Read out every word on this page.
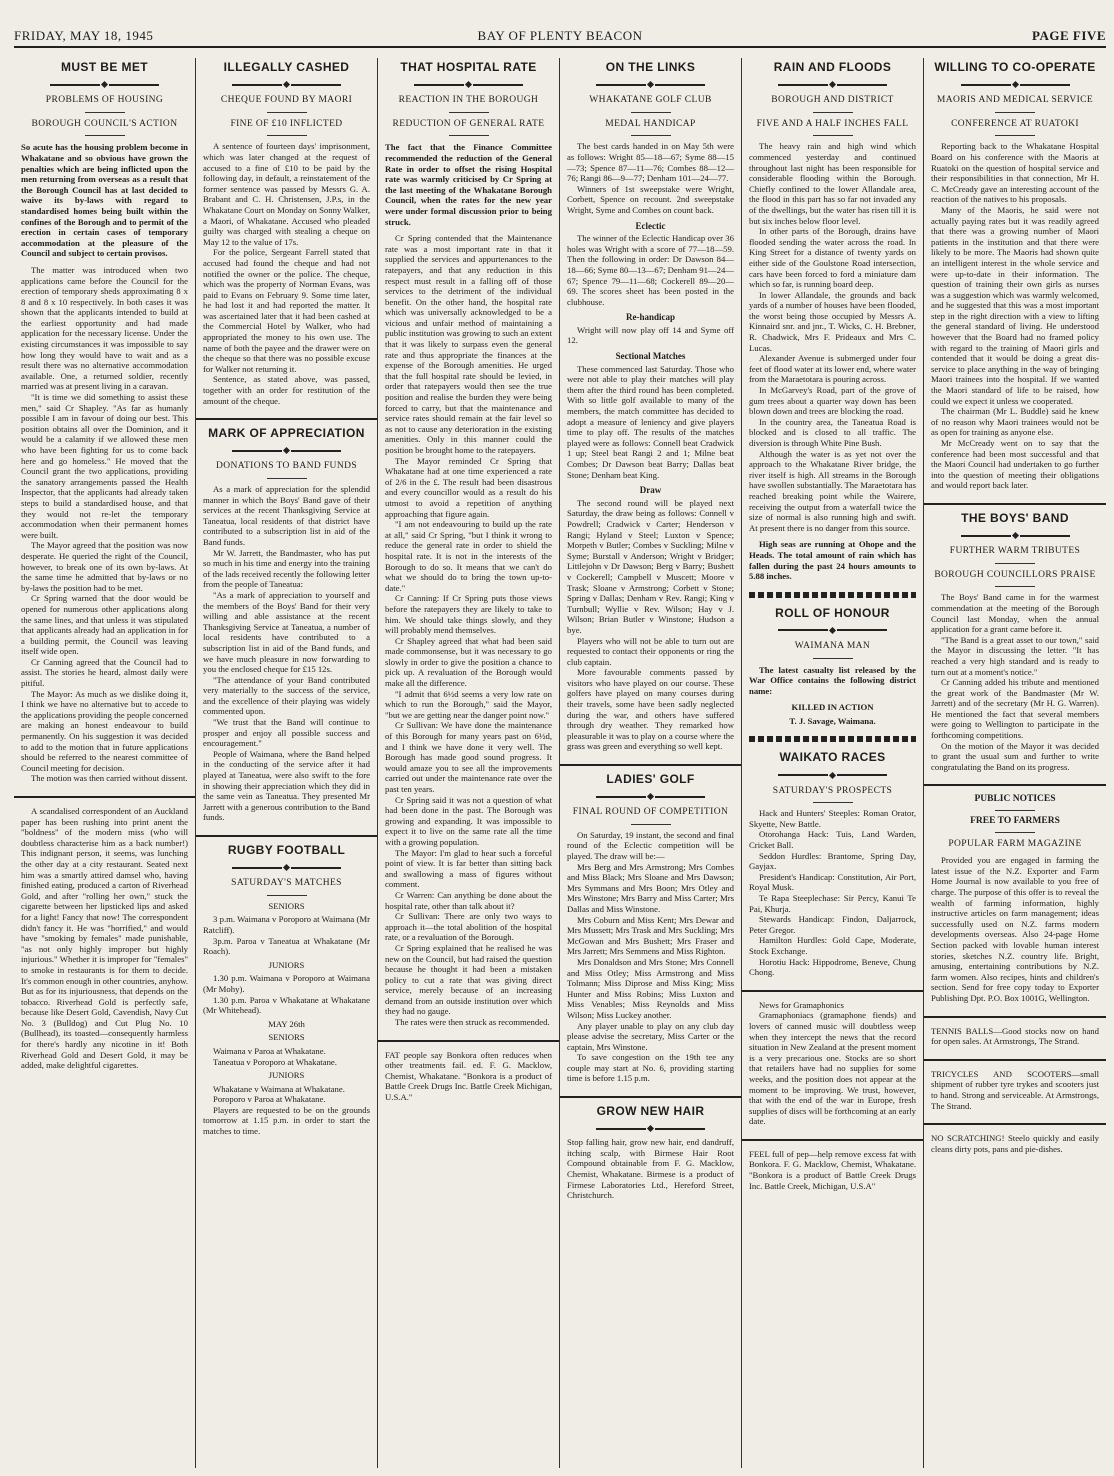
FRIDAY, MAY 18, 1945	BAY OF PLENTY BEACON	PAGE FIVE
MUST BE MET
PROBLEMS OF HOUSING
BOROUGH COUNCIL'S ACTION
So acute has the housing problem become in Whakatane and so obvious have grown the penalties which are being inflicted upon the men returning from overseas as a result that the Borough Council has at last decided to waive its by-laws with regard to standardised homes being built within the confines of the Borough and to permit of the erection in certain cases of temporary accommodation at the pleasure of the Council and subject to certain provisos.

The matter was introduced when two applications came before the Council for the erection of temporary sheds approximating 8 x 8 and 8 x 10 respectively. In both cases it was shown that the applicants intended to build at the earliest opportunity and had made application for the necessary license. Under the existing circumstances it was impossible to say how long they would have to wait and as a result there was no alternative accommodation available. One, a returned soldier, recently married was at present living in a caravan.

"It is time we did something to assist these men," said Cr Shapley. "As far as humanly possible I am in favour of doing our best. This position obtains all over the Dominion, and it would be a calamity if we allowed these men who have been fighting for us to come back here and go homeless." He moved that the Council grant the two applications, providing the sanatory arrangements passed the Health Inspector, that the applicants had already taken steps to build a standardised house, and that they would not re-let the temporary accommodation when their permanent homes were built.

The Mayor agreed that the position was now desperate. He queried the right of the Council, however, to break one of its own by-laws. At the same time he admitted that by-laws or no by-laws the position had to be met.

Cr Spring warned that the door would be opened for numerous other applications along the same lines, and that unless it was stipulated that applicants already had an application in for a building permit, the Council was leaving itself wide open.

Cr Canning agreed that the Council had to assist. The stories he heard, almost daily were pitiful.

The Mayor: As much as we dislike doing it, I think we have no alternative but to accede to the applications providing the people concerned are making an honest endeavour to build permanently. On his suggestion it was decided to add to the motion that in future applications should be referred to the nearest committee of Council meeting for decision.

The motion was then carried without dissent.

A scandalised correspondent of an Auckland paper has been rushing into print anent the "boldness" of the modern miss (who will doubtless characterise him as a back number!) This indignant person, it seems, was lunching the other day at a city restaurant. Seated next him was a smartly attired damsel who, having finished eating, produced a carton of Riverhead Gold, and after "rolling her own," stuck the cigarette between her lipsticked lips and asked for a light! Fancy that now! The correspondent didn't fancy it. He was "horrified," and would have "smoking by females" made punishable, "as not only highly improper but highly injurious." Whether it is improper for "females" to smoke in restaurants is for them to decide. It's common enough in other countries, anyhow. But as for its injuriousness, that depends on the tobacco. Riverhead Gold is perfectly safe, because like Desert Gold, Cavendish, Navy Cut No. 3 (Bulldog) and Cut Plug No. 10 (Bullhead), its toasted—consequently harmless for there's hardly any nicotine in it! Both Riverhead Gold and Desert Gold, it may be added, make delightful cigarettes.

ILLEGALLY CASHED
CHEQUE FOUND BY MAORI
FINE OF £10 INFLICTED

A sentence of fourteen days' imprisonment, which was later changed at the request of accused to a fine of £10 to be paid by the following day, in default, a reinstatement of the former sentence was passed by Messrs G. A. Brabant and C. H. Christensen, J.P.s, in the Whakatane Court on Monday on Sonny Walker, a Maori, of Whakatane. Accused who pleaded guilty was charged with stealing a cheque on May 12 to the value of 17s.

For the police, Sergeant Farrell stated that accused had found the cheque and had not notified the owner or the police. The cheque, which was the property of Norman Evans, was paid to Evans on February 9. Some time later, he had lost it and had reported the matter. It was ascertained later that it had been cashed at the Commercial Hotel by Walker, who had appropriated the money to his own use. The name of both the payee and the drawer were on the cheque so that there was no possible excuse for Walker not returning it.

Sentence, as stated above, was passed, together with an order for restitution of the amount of the cheque.

MARK OF APPRECIATION
DONATIONS TO BAND FUNDS

As a mark of appreciation for the splendid manner in which the Boys' Band gave of their services at the recent Thanksgiving Service at Taneatua, local residents of that district have contributed to a subscription list in aid of the Band funds.

Mr W. Jarrett, the Bandmaster, who has put so much in his time and energy into the training of the lads received recently the following letter from the people of Taneatua:

"As a mark of appreciation to yourself and the members of the Boys' Band for their very willing and able assistance at the recent Thanksgiving Service at Taneatua, a number of local residents have contributed to a subscription list in aid of the Band funds, and we have much pleasure in now forwarding to you the enclosed cheque for £15 12s.

"The attendance of your Band contributed very materially to the success of the service, and the excellence of their playing was widely commented upon.

"We trust that the Band will continue to prosper and enjoy all possible success and encouragement."

People of Waimana, where the Band helped in the conducting of the service after it had played at Taneatua, were also swift to the fore in showing their appreciation which they did in the same vein as Taneatua. They presented Mr Jarrett with a generous contribution to the Band funds.

RUGBY FOOTBALL
SATURDAY'S MATCHES
SENIORS

3 p.m. Waimana v Poroporo at Waimana (Mr Ratcliff).

3p.m. Paroa v Taneatua at Whakatane (Mr Roach).

JUNIORS

1.30 p.m. Waimana v Poroporo at Waimana (Mr Mohy).

1.30 p.m. Paroa v Whakatane at Whakatane (Mr Whitehead).

MAY 26th
SENIORS

Waimana v Paroa at Whakatane.

Taneatua v Poroporo at Whakatane.

JUNIORS

Whakatane v Waimana at Whakatane.

Poroporo v Paroa at Whakatane.

Players are requested to be on the grounds tomorrow at 1.15 p.m. in order to start the matches to time.

THAT HOSPITAL RATE
REACTION IN THE BOROUGH
REDUCTION OF GENERAL RATE
The fact that the Finance Committee recommended the reduction of the General Rate in order to offset the rising Hospital rate was warmly criticised by Cr Spring at the last meeting of the Whakatane Borough Council, when the rates for the new year were under formal discussion prior to being struck.

Cr Spring contended that the Maintenance rate was a most important rate in that it supplied the services and appurtenances to the ratepayers, and that any reduction in this respect must result in a falling off of those services to the detriment of the individual benefit. On the other hand, the hospital rate which was universally acknowledged to be a vicious and unfair method of maintaining a public institution was growing to such an extent that it was likely to surpass even the general rate and thus appropriate the finances at the expense of the Borough amenities. He urged that the full hospital rate should be levied, in order that ratepayers would then see the true position and realise the burden they were being forced to carry, but that the maintenance and service rates should remain at the fair level so as not to cause any deterioration in the existing amenities. Only in this manner could the position be brought home to the ratepayers.

The Mayor reminded Cr Spring that Whakatane had at one time experienced a rate of 2/6 in the £. The result had been disastrous and every councillor would as a result do his utmost to avoid a repetition of anything approaching that figure again.

"I am not endeavouring to build up the rate at all," said Cr Spring, "but I think it wrong to reduce the general rate in order to shield the hospital rate. It is not in the interests of the Borough to do so. It means that we can't do what we should do to bring the town up-to-date."

Cr Canning: If Cr Spring puts those views before the ratepayers they are likely to take to him. We should take things slowly, and they will probably mend themselves.

Cr Shapley agreed that what had been said made commonsense, but it was necessary to go slowly in order to give the position a chance to pick up. A revaluation of the Borough would make all the difference.

"I admit that 6½d seems a very low rate on which to run the Borough," said the Mayor, "but we are getting near the danger point now."

Cr Sullivan: We have done the maintenance of this Borough for many years past on 6½d, and I think we have done it very well. The Borough has made good sound progress. It would amaze you to see all the improvements carried out under the maintenance rate over the past ten years.

Cr Spring said it was not a question of what had been done in the past. The Borough was growing and expanding. It was impossible to expect it to live on the same rate all the time with a growing population.

The Mayor: I'm glad to hear such a forceful point of view. It is far better than sitting back and swallowing a mass of figures without comment.

Cr Warren: Can anything be done about the hospital rate, other than talk about it?

Cr Sullivan: There are only two ways to approach it—the total abolition of the hospital rate, or a revaluation of the Borough.

Cr Spring explained that he realised he was new on the Council, but had raised the question because he thought it had been a mistaken policy to cut a rate that was giving direct service, merely because of an increasing demand from an outside institution over which they had no gauge.

The rates were then struck as recommended.

FAT people say Bonkora often reduces when other treatments fail. ed. F. G. Macklow, Chemist, Whakatane. "Bonkora is a product of Battle Creek Drugs Inc. Battle Creek Michigan, U.S.A."
ON THE LINKS
WHAKATANE GOLF CLUB
MEDAL HANDICAP

The best cards handed in on May 5th were as follows: Wright 85—18—67; Syme 88—15—73; Spence 87—11—76; Combes 88—12—76; Rangi 86—9—77; Denham 101—24—77.

Winners of 1st sweepstake were Wright, Corbett, Spence on recount. 2nd sweepstake Wright, Syme and Combes on count back.

Eclectic

The winner of the Eclectic Handicap over 36 holes was Wright with a score of 77—18—59. Then the following in order: Dr Dawson 84—18—66; Syme 80—13—67; Denham 91—24—67; Spence 79—11—68; Cockerell 89—20—69. The scores sheet has been posted in the clubhouse.

Re-handicap

Wright will now play off 14 and Syme off 12.

Sectional Matches

These commenced last Saturday. Those who were not able to play their matches will play them after the third round has been completed. With so little golf available to many of the members, the match committee has decided to adopt a measure of leniency and give players time to play off. The results of the matches played were as follows: Connell beat Cradwick 1 up; Steel beat Rangi 2 and 1; Milne beat Combes; Dr Dawson beat Barry; Dallas beat Stone; Denham beat King.

Draw

The second round will be played next Saturday, the draw being as follows: Connell v Powdrell; Cradwick v Carter; Henderson v Rangi; Hyland v Steel; Luxton v Spence; Morpeth v Butler; Combes v Suckling; Milne v Syme; Burstall v Anderson; Wright v Bridger; Littlejohn v Dr Dawson; Berg v Barry; Bushett v Cockerell; Campbell v Muscett; Moore v Trask; Sloane v Armstrong; Corbett v Stone; Spring v Dallas; Denham v Rev. Rangi; King v Turnbull; Wyllie v Rev. Wilson; Hay v J. Wilson; Brian Butler v Winstone; Hudson a bye.

Players who will not be able to turn out are requested to contact their opponents or ring the club captain.

More favourable comments passed by visitors who have played on our course. These golfers have played on many courses during their travels, some have been sadly neglected during the war, and others have suffered through dry weather. They remarked how pleasurable it was to play on a course where the grass was green and everything so well kept.

LADIES' GOLF
FINAL ROUND OF COMPETITION

On Saturday, 19 instant, the second and final round of the Eclectic competition will be played. The draw will be:—

Mrs Berg and Mrs Armstrong; Mrs Combes and Miss Black; Mrs Sloane and Mrs Dawson; Mrs Symmans and Mrs Boon; Mrs Otley and Mrs Winstone; Mrs Barry and Miss Carter; Mrs Dallas and Miss Winstone.

Mrs Coburn and Miss Kent; Mrs Dewar and Mrs Mussett; Mrs Trask and Mrs Suckling; Mrs McGowan and Mrs Bushett; Mrs Fraser and Mrs Jarrett; Mrs Semmens and Miss Righton.

Mrs Donaldson and Mrs Stone; Mrs Connell and Miss Otley; Miss Armstrong and Miss Tolmann; Miss Diprose and Miss King; Miss Hunter and Miss Robins; Miss Luxton and Miss Venables; Miss Reynolds and Miss Wilson; Miss Luckey another.

Any player unable to play on any club day please advise the secretary, Miss Carter or the captain, Mrs Winstone.

To save congestion on the 19th tee any couple may start at No. 6, providing starting time is before 1.15 p.m.

GROW NEW HAIR
Stop falling hair, grow new hair, end dandruff, itching scalp, with Birmese Hair Root Compound obtainable from F. G. Macklow, Chemist, Whakatane. Birmese is a product of Firmese Laboratories Ltd., Hereford Street, Christchurch.
RAIN AND FLOODS
BOROUGH AND DISTRICT
FIVE AND A HALF INCHES FALL

The heavy rain and high wind which commenced yesterday and continued throughout last night has been responsible for considerable flooding within the Borough. Chiefly confined to the lower Allandale area, the flood in this part has so far not invaded any of the dwellings, but the water has risen till it is but six inches below floor level.

In other parts of the Borough, drains have flooded sending the water across the road. In King Street for a distance of twenty yards on either side of the Goulstone Road intersection, cars have been forced to ford a miniature dam which so far, is running board deep.

In lower Allandale, the grounds and back yards of a number of houses have been flooded, the worst being those occupied by Messrs A. Kinnaird snr. and jnr., T. Wicks, C. H. Brebner, R. Chadwick, Mrs F. Prideaux and Mrs C. Lucas.

Alexander Avenue is submerged under four feet of flood water at its lower end, where water from the Maraetotara is pouring across.

In McGarvey's Road, part of the grove of gum trees about a quarter way down has been blown down and trees are blocking the road.

In the country area, the Taneatua Road is blocked and is closed to all traffic. The diversion is through White Pine Bush.

Although the water is as yet not over the approach to the Whakatane River bridge, the river itself is high. All streams in the Borough have swollen substantially. The Maraetotara has reached breaking point while the Wairere, receiving the output from a waterfall twice the size of normal is also running high and swift. At present there is no danger from this source.

High seas are running at Ohope and the Heads. The total amount of rain which has fallen during the past 24 hours amounts to 5.88 inches.

ROLL OF HONOUR
WAIMANA MAN

The latest casualty list released by the War Office contains the following district name:

KILLED IN ACTION
T. J. Savage, Waimana.
WAIKATO RACES
SATURDAY'S PROSPECTS

Hack and Hunters' Steeples: Roman Orator, Skyette, New Battle.

Otorohanga Hack: Tuis, Land Warden, Cricket Ball.

Seddon Hurdles: Brantome, Spring Day, Gayjax.

President's Handicap: Constitution, Air Port, Royal Musk.

Te Rapa Steeplechase: Sir Percy, Kanui Te Pai, Khurja.

Stewards Handicap: Findon, Daljarrock, Peter Gregor.

Hamilton Hurdles: Gold Cape, Moderate, Stock Exchange.

Horotiu Hack: Hippodrome, Beneve, Chung Chong.

News for Gramaphonics

Gramaphoniacs (gramaphone fiends) and lovers of canned music will doubtless weep when they intercept the news that the record situation in New Zealand at the present moment is a very precarious one. Stocks are so short that retailers have had no supplies for some weeks, and the position does not appear at the moment to be improving. We trust, however, that with the end of the war in Europe, fresh supplies of discs will be forthcoming at an early date.

FEEL full of pep—help remove excess fat with Bonkora. F. G. Macklow, Chemist, Whakatane. "Bonkora is a product of Battle Creek Drugs Inc. Battle Creek, Michigan, U.S.A"
WILLING TO CO-OPERATE
MAORIS AND MEDICAL SERVICE
CONFERENCE AT RUATOKI

Reporting back to the Whakatane Hospital Board on his conference with the Maoris at Ruatoki on the question of hospital service and their responsibilities in that connection, Mr H. C. McCready gave an interesting account of the reaction of the natives to his proposals.

Many of the Maoris, he said were not actually paying rates but it was readily agreed that there was a growing number of Maori patients in the institution and that there were likely to be more. The Maoris had shown quite an intelligent interest in the whole service and were up-to-date in their information. The question of training their own girls as nurses was a suggestion which was warmly welcomed, and he suggested that this was a most important step in the right direction with a view to lifting the general standard of living. He understood however that the Board had no framed policy with regard to the training of Maori girls and contended that it would be doing a great dis-service to place anything in the way of bringing Maori trainees into the hospital. If we wanted the Maori standard of life to be raised, how could we expect it unless we cooperated.

The chairman (Mr L. Buddle) said he knew of no reason why Maori trainees would not be as open for training as anyone else.

Mr McCready went on to say that the conference had been most successful and that the Maori Council had undertaken to go further into the question of meeting their obligations and would report back later.

THE BOYS' BAND
FURTHER WARM TRIBUTES
BOROUGH COUNCILLORS PRAISE

The Boys' Band came in for the warmest commendation at the meeting of the Borough Council last Monday, when the annual application for a grant came before it.

"The Band is a great asset to our town," said the Mayor in discussing the letter. "It has reached a very high standard and is ready to turn out at a moment's notice."

Cr Canning added his tribute and mentioned the great work of the Bandmaster (Mr W. Jarrett) and of the secretary (Mr H. G. Warren). He mentioned the fact that several members were going to Wellington to participate in the forthcoming competitions.

On the motion of the Mayor it was decided to grant the usual sum and further to write congratulating the Band on its progress.

PUBLIC NOTICES
FREE TO FARMERS
POPULAR FARM MAGAZINE

Provided you are engaged in farming the latest issue of the N.Z. Exporter and Farm Home Journal is now available to you free of charge. The purpose of this offer is to reveal the wealth of farming information, highly instructive articles on farm management; ideas successfully used on N.Z. farms modern developments overseas. Also 24-page Home Section packed with lovable human interest stories, sketches N.Z. country life. Bright, amusing, entertaining contributions by N.Z. farm women. Also recipes, hints and children's section. Send for free copy today to Exporter Publishing Dpt. P.O. Box 1001G, Wellington.

TENNIS BALLS—Good stocks now on hand for open sales. At Armstrongs, The Strand.
TRICYCLES AND SCOOTERS—small shipment of rubber tyre trykes and scooters just to hand. Strong and serviceable. At Armstrongs, The Strand.
NO SCRATCHING! Steelo quickly and easily cleans dirty pots, pans and pie-dishes.
